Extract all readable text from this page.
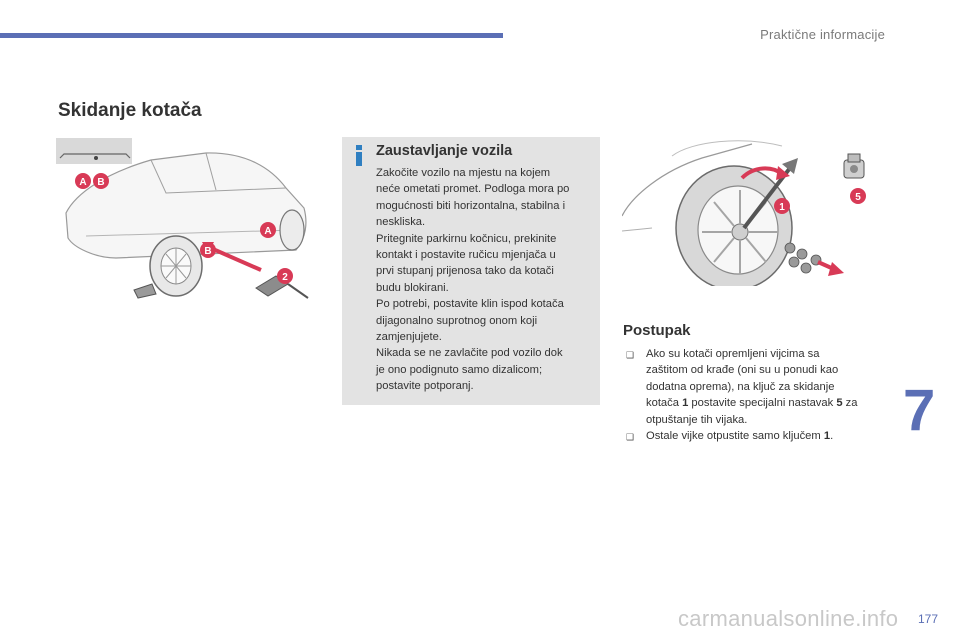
Praktične informacije
Skidanje kotača
A B
B
A
2
Zaustavljanje vozila
Zakočite vozilo na mjestu na kojem
neće ometati promet. Podloga mora po
mogućnosti biti horizontalna, stabilna i
neskliska.
Pritegnite parkirnu kočnicu, prekinite
kontakt i postavite ručicu mjenjača u
prvi stupanj prijenosa tako da kotači
budu blokirani.
Po potrebi, postavite klin ispod kotača
dijagonalno suprotnog onom koji
zamjenjujete.
Nikada se ne zavlačite pod vozilo dok
je ono podignuto samo dizalicom;
postavite potporanj.
1
5
Postupak
❑ Ako su kotači opremljeni vijcima sa
zaštitom od krađe (oni su u ponudi kao
dodatna oprema), na ključ za skidanje
kotača 1 postavite specijalni nastavak 5 za
otpuštanje tih vijaka.
❑ Ostale vijke otpustite samo ključem 1.	7
carmanualsonline.info 177
